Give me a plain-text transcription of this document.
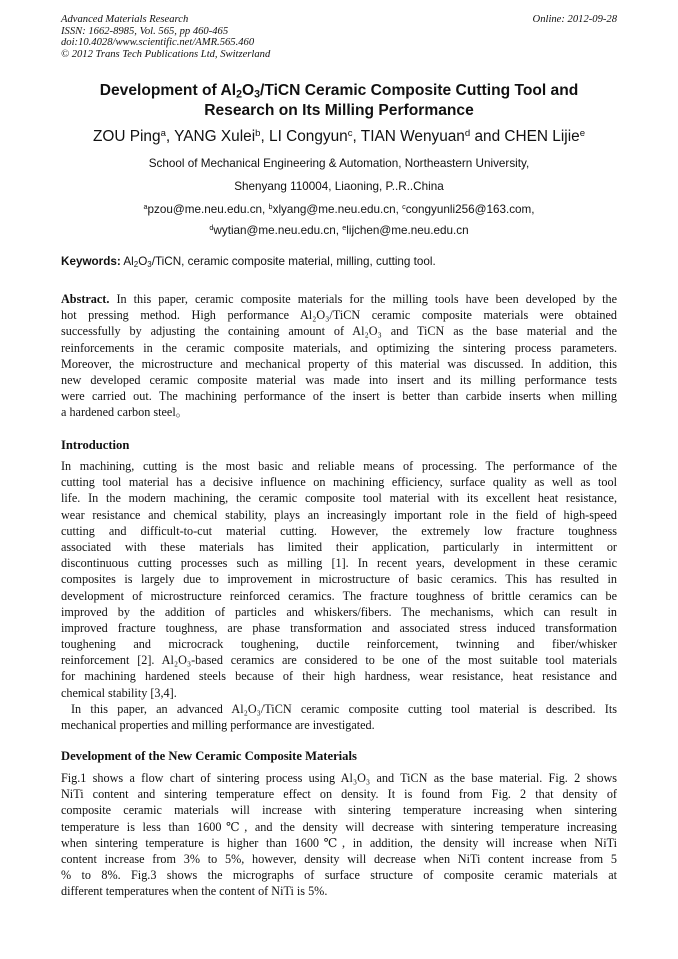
Advanced Materials Research
ISSN: 1662-8985, Vol. 565, pp 460-465
doi:10.4028/www.scientific.net/AMR.565.460
© 2012 Trans Tech Publications Ltd, Switzerland
Online: 2012-09-28
Development of $Al_2O_3$/TiCN Ceramic Composite Cutting Tool and
Research on Its Milling Performance
ZOU Ping$^a$, YANG Xulei$^b$, LI Congyun$^c$, TIAN Wenyuan$^d$ and CHEN Lijie$^e$
School of Mechanical Engineering & Automation, Northeastern University,
Shenyang 110004, Liaoning, P..R..China
$^a$pzou@me.neu.edu.cn, $^b$xlyang@me.neu.edu.cn, $^c$congyunli256@163.com,
$^d$wytian@me.neu.edu.cn, $^e$lijchen@me.neu.edu.cn
Keywords: $Al_2O_3$/TiCN, ceramic composite material, milling, cutting tool.
Abstract. In this paper, ceramic composite materials for the milling tools have been developed by the
hot pressing method. High performance Al₂O₃/TiCN ceramic composite materials were obtained
successfully by adjusting the containing amount of Al₂O₃ and TiCN as the base material and the
reinforcements in the ceramic composite materials, and optimizing the sintering process parameters.
Moreover, the microstructure and mechanical property of this material was discussed. In addition, this
new developed ceramic composite material was made into insert and its milling performance tests
were carried out. The machining performance of the insert is better than carbide inserts when milling
a hardened carbon steel。
Introduction
In machining, cutting is the most basic and reliable means of processing. The performance of the
cutting tool material has a decisive influence on machining efficiency, surface quality as well as tool
life. In the modern machining, the ceramic composite tool material with its excellent heat resistance,
wear resistance and chemical stability, plays an increasingly important role in the field of high-speed
cutting and difficult-to-cut material cutting. However, the extremely low fracture toughness
associated with these materials has limited their application, particularly in intermittent or
discontinuous cutting processes such as milling [1]. In recent years, development in these ceramic
composites is largely due to improvement in microstructure of basic ceramics. This has resulted in
development of microstructure reinforced ceramics. The fracture toughness of brittle ceramics can be
improved by the addition of particles and whiskers/fibers. The mechanisms, which can result in
improved fracture toughness, are phase transformation and associated stress induced transformation
toughening and microcrack toughening, ductile reinforcement, twinning and fiber/whisker
reinforcement [2]. Al₂O₃-based ceramics are considered to be one of the most suitable tool materials
for machining hardened steels because of their high hardness, wear resistance, heat resistance and
chemical stability [3,4].
In this paper, an advanced Al₂O₃/TiCN ceramic composite cutting tool material is described. Its
mechanical properties and milling performance are investigated.
Development of the New Ceramic Composite Materials
Fig.1 shows a flow chart of sintering process using Al₃O₃ and TiCN as the base material. Fig. 2 shows
NiTi content and sintering temperature effect on density. It is found from Fig. 2 that density of
composite ceramic materials will increase with sintering temperature increasing when sintering
temperature is less than 1600℃, and the density will decrease with sintering temperature increasing
when sintering temperature is higher than 1600℃, in addition, the density will increase when NiTi
content increase from 3% to 5%, however, density will decrease when NiTi content increase from 5
% to 8%. Fig.3 shows the micrographs of surface structure of composite ceramic materials at
different temperatures when the content of NiTi is 5%.
